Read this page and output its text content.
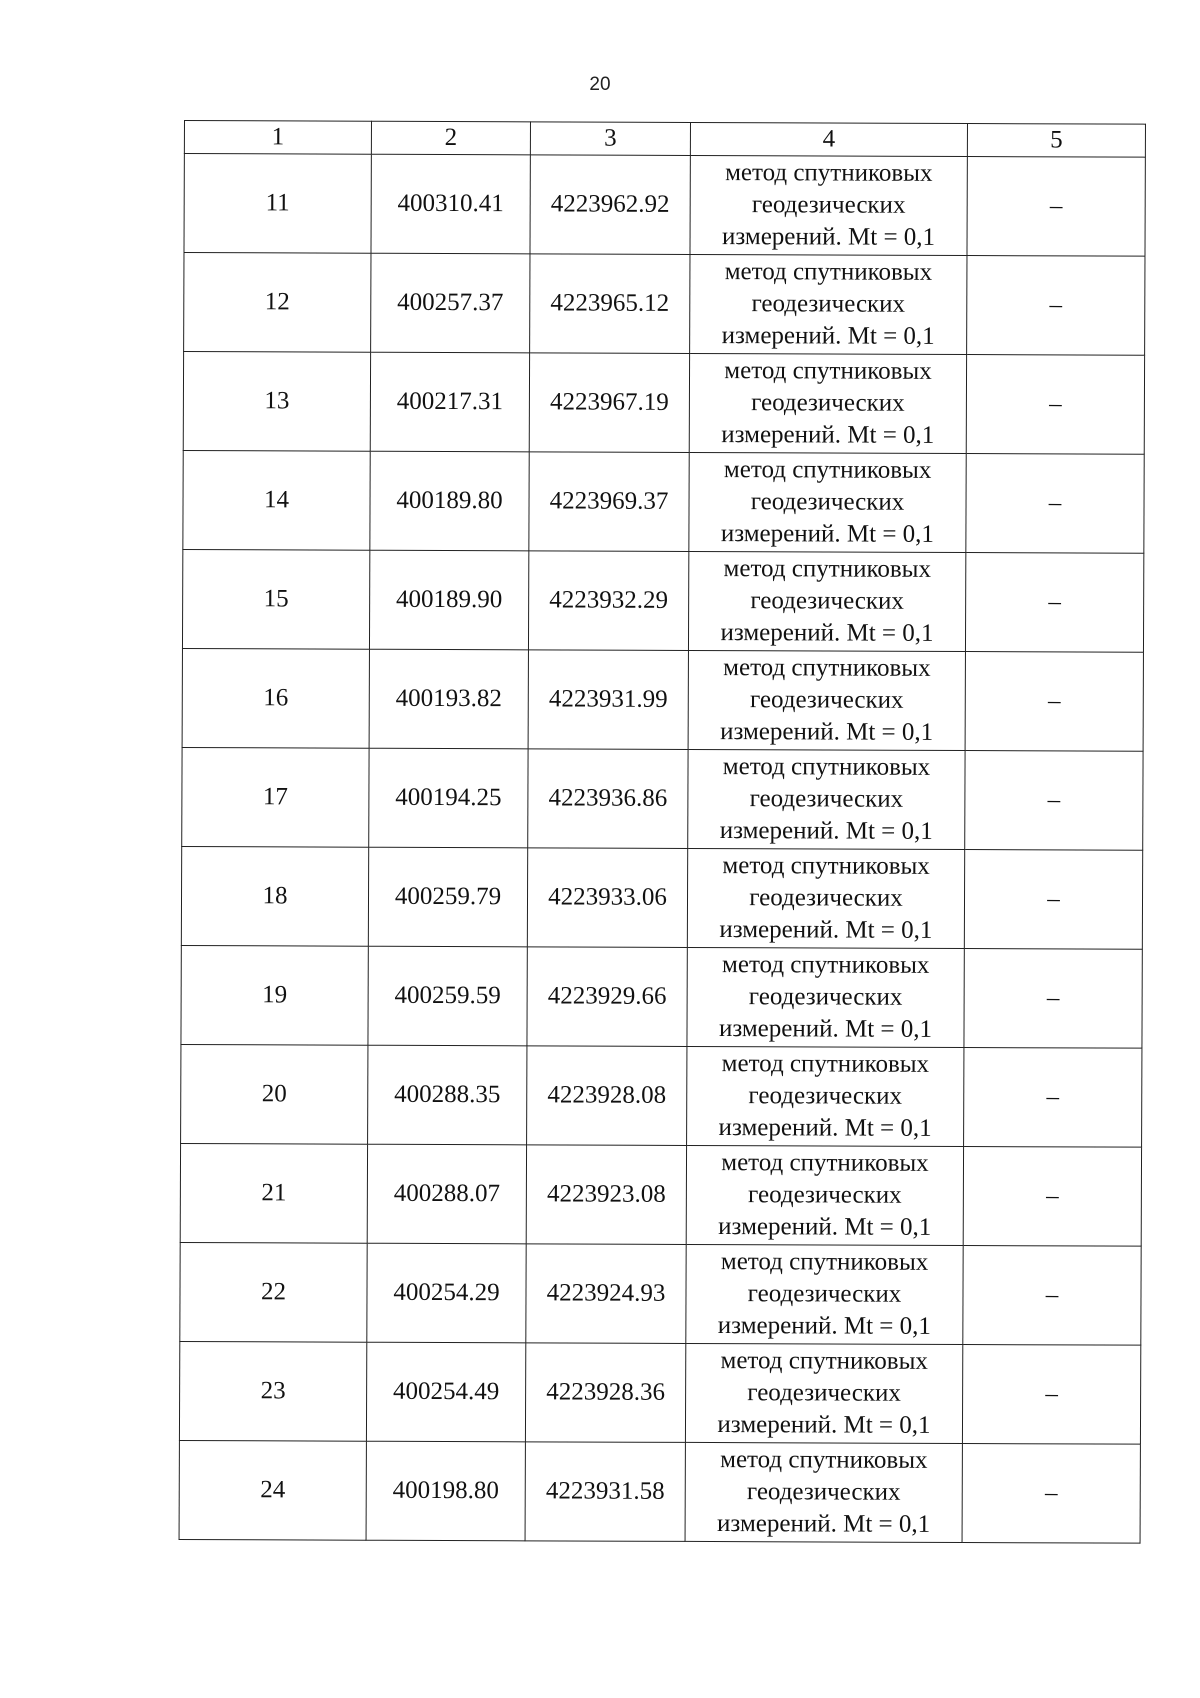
20
1	2	3	4	5
11	400310.41	4223962.92	метод спутниковых
геодезических
измерений. Mt = 0,1	–
12	400257.37	4223965.12	метод спутниковых
геодезических
измерений. Mt = 0,1	–
13	400217.31	4223967.19	метод спутниковых
геодезических
измерений. Mt = 0,1	–
14	400189.80	4223969.37	метод спутниковых
геодезических
измерений. Mt = 0,1	–
15	400189.90	4223932.29	метод спутниковых
геодезических
измерений. Mt = 0,1	–
16	400193.82	4223931.99	метод спутниковых
геодезических
измерений. Mt = 0,1	–
17	400194.25	4223936.86	метод спутниковых
геодезических
измерений. Mt = 0,1	–
18	400259.79	4223933.06	метод спутниковых
геодезических
измерений. Mt = 0,1	–
19	400259.59	4223929.66	метод спутниковых
геодезических
измерений. Mt = 0,1	–
20	400288.35	4223928.08	метод спутниковых
геодезических
измерений. Mt = 0,1	–
21	400288.07	4223923.08	метод спутниковых
геодезических
измерений. Mt = 0,1	–
22	400254.29	4223924.93	метод спутниковых
геодезических
измерений. Mt = 0,1	–
23	400254.49	4223928.36	метод спутниковых
геодезических
измерений. Mt = 0,1	–
24	400198.80	4223931.58	метод спутниковых
геодезических
измерений. Mt = 0,1	–
